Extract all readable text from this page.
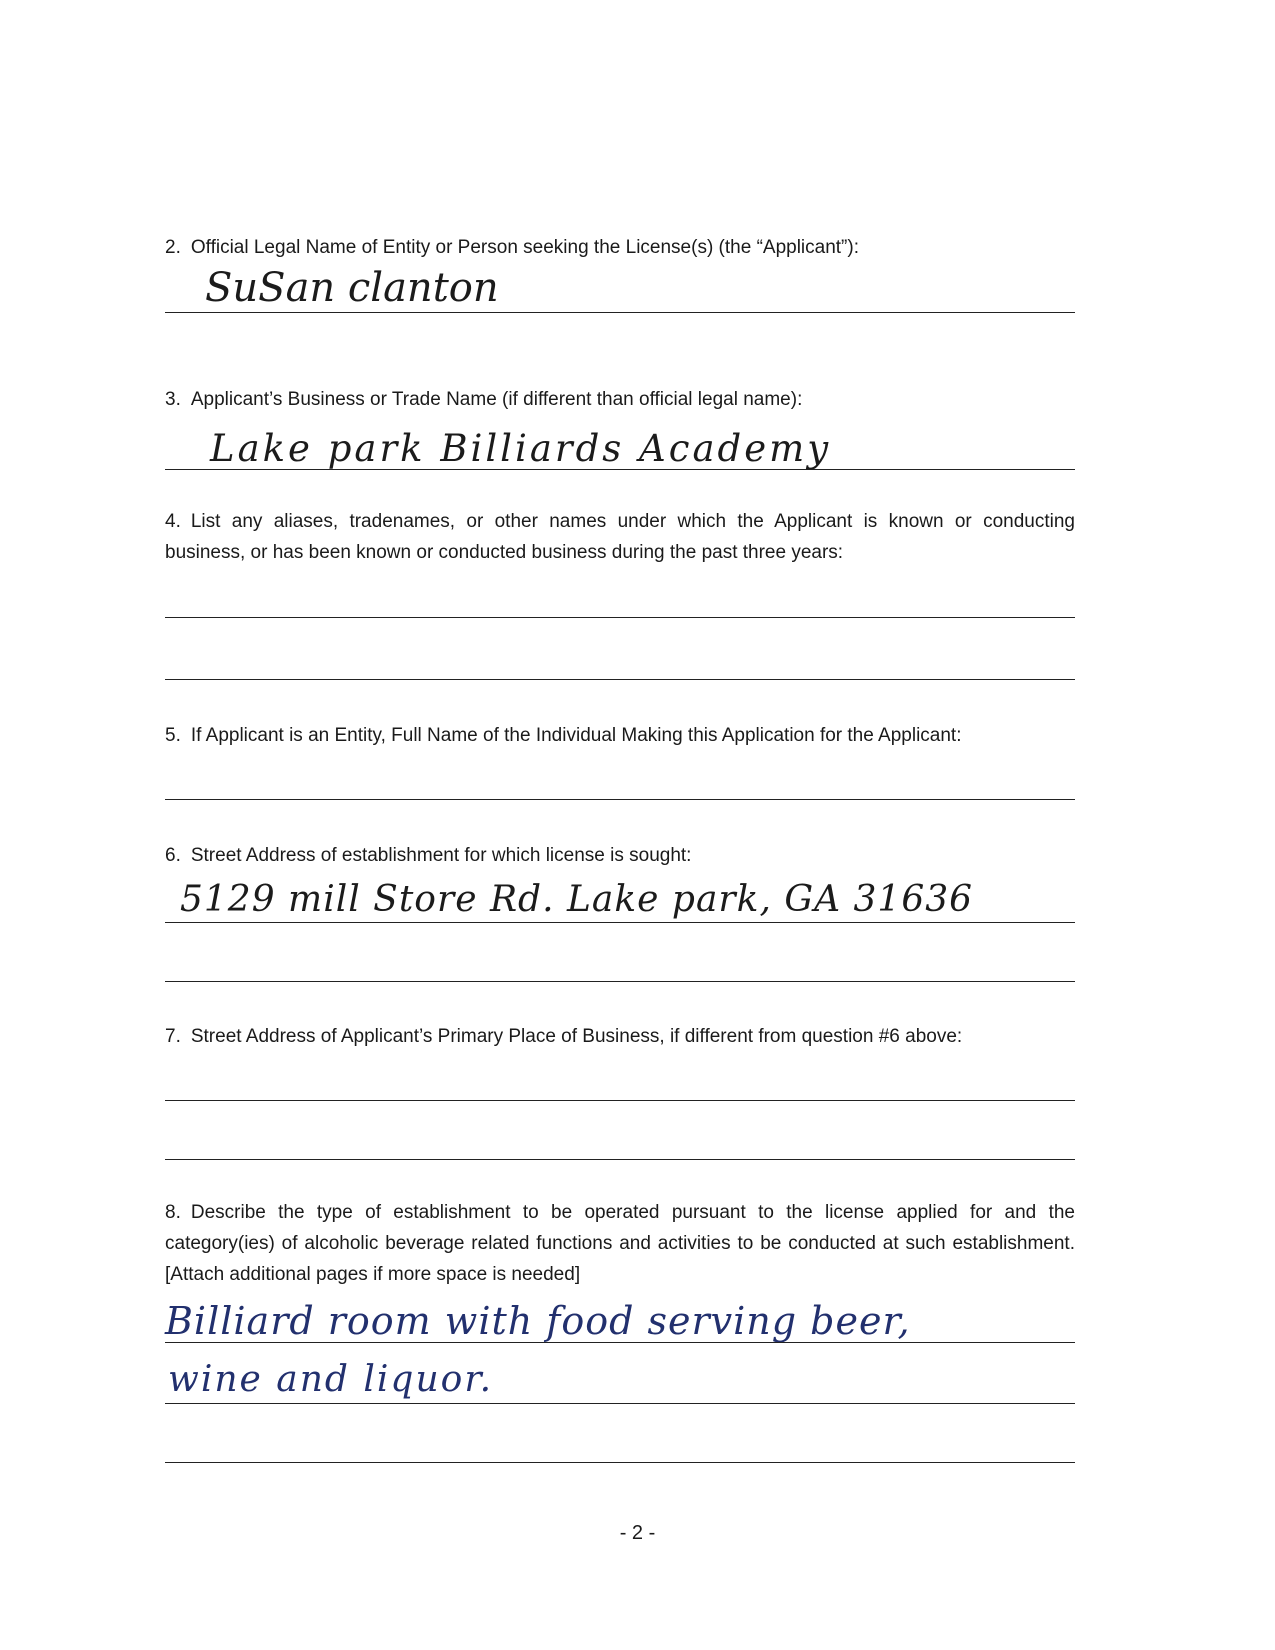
2. Official Legal Name of Entity or Person seeking the License(s) (the “Applicant”):

SuSan clanton

3. Applicant’s Business or Trade Name (if different than official legal name):

Lake park Billiards Academy

4. List any aliases, tradenames, or other names under which the Applicant is known or conducting business, or has been known or conducted business during the past three years:

5. If Applicant is an Entity, Full Name of the Individual Making this Application for the Applicant:

6. Street Address of establishment for which license is sought:

5129 mill Store Rd. Lake park, GA 31636

7. Street Address of Applicant’s Primary Place of Business, if different from question #6 above:

8. Describe the type of establishment to be operated pursuant to the license applied for and the category(ies) of alcoholic beverage related functions and activities to be conducted at such establishment. [Attach additional pages if more space is needed]

Billiard room with food serving beer,
wine and liquor.
- 2 -
